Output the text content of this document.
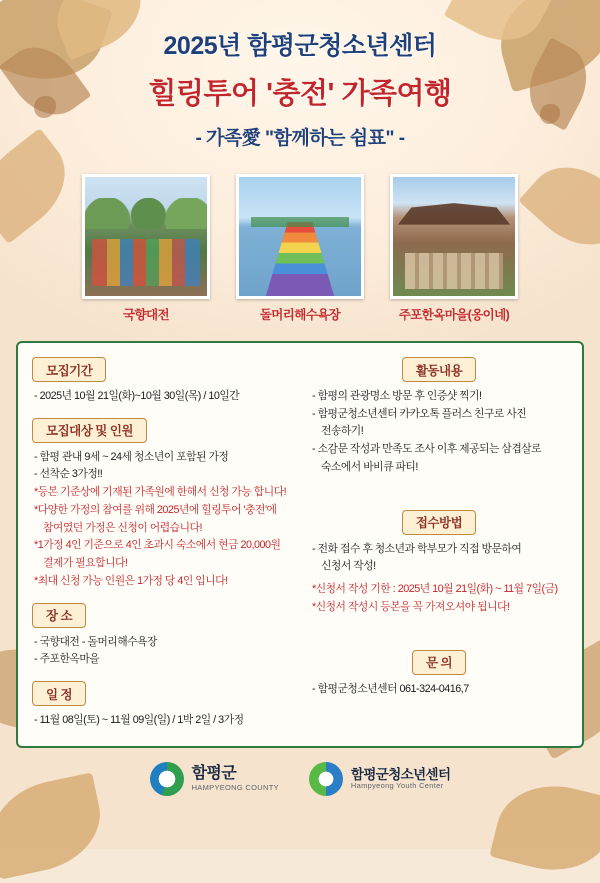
2025년 함평군청소년센터
힐링투어 '충전' 가족여행
- 가족愛 "함께하는 쉼표" -
국향대전	돌머리해수욕장	주포한옥마을(옹이네)
모집기간

- 2025년 10월 21일(화)~10월 30일(목) / 10일간

모집대상 및 인원

- 함평 관내 9세 ~ 24세 청소년이 포함된 가정

- 선착순 3가정!!

*등본 기준상에 기재된 가족원에 한해서 신청 가능 합니다!

*다양한 가정의 참여를 위해 2025년에 힐링투어 '충전'에

참여였던 가정은 신청이 어렵습니다!

*1가정 4인 기준으로 4인 초과시 숙소에서 현금 20,000원

결제가 필요합니다!

*최대 신청 가능 인원은 1가정 당 4인 입니다!

장 소

- 국향대전 - 돌머리해수욕장

- 주포한옥마을

일 정

- 11월 08일(토) ~ 11월 09일(일) / 1박 2일 / 3가정

활동내용

- 함평의 관광명소 방문 후 인증샷 찍기!

- 함평군청소년센터 카카오톡 플러스 친구로 사진

전송하기!

- 소감문 작성과 만족도 조사 이후 제공되는 삼겹살로

숙소에서 바비큐 파티!

접수방법

- 전화 접수 후 청소년과 학부모가 직접 방문하여

신청서 작성!

*신청서 작성 기한 : 2025년 10월 21일(화) ~ 11월 7일(금)

*신청서 작성시 등본을 꼭 가져오셔야 됩니다!

문 의

- 함평군청소년센터 061-324-0416,7

함평군
HAMPYEONG COUNTY
함평군청소년센터
Hampyeong Youth Center
